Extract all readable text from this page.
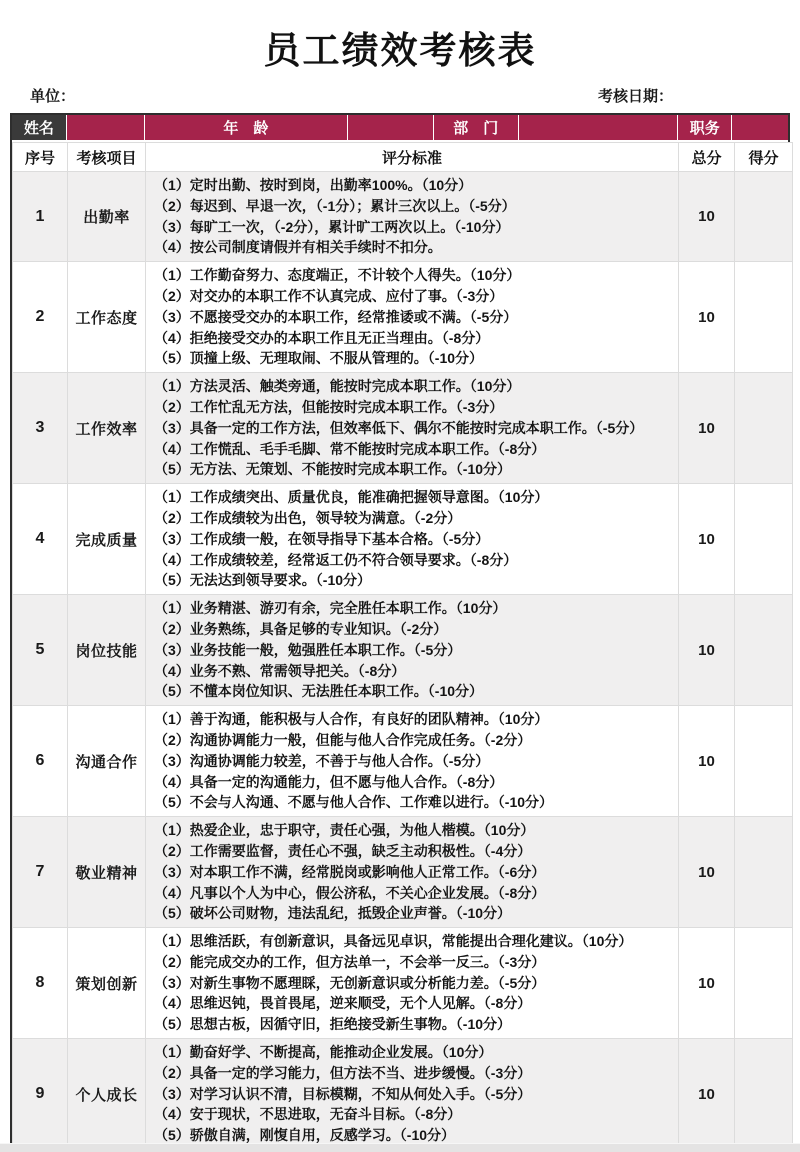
员工绩效考核表
单位：	考核日期：
姓名	年　龄	部　门	职务
序号	考核项目	评分标准	总分	得分
1	出勤率	（1）定时出勤、按时到岗，出勤率100%。（10分）
（2）每迟到、早退一次，（-1分）；累计三次以上。（-5分）
（3）每旷工一次，（-2分），累计旷工两次以上。（-10分）
（4）按公司制度请假并有相关手续时不扣分。	10	
2	工作态度	（1）工作勤奋努力、态度端正，不计较个人得失。（10分）
（2）对交办的本职工作不认真完成、应付了事。（-3分）
（3）不愿接受交办的本职工作，经常推诿或不满。（-5分）
（4）拒绝接受交办的本职工作且无正当理由。（-8分）
（5）顶撞上级、无理取闹、不服从管理的。（-10分）	10	
3	工作效率	（1）方法灵活、触类旁通，能按时完成本职工作。（10分）
（2）工作忙乱无方法，但能按时完成本职工作。（-3分）
（3）具备一定的工作方法，但效率低下、偶尔不能按时完成本职工作。（-5分）
（4）工作慌乱、毛手毛脚、常不能按时完成本职工作。（-8分）
（5）无方法、无策划、不能按时完成本职工作。（-10分）	10	
4	完成质量	（1）工作成绩突出、质量优良，能准确把握领导意图。（10分）
（2）工作成绩较为出色，领导较为满意。（-2分）
（3）工作成绩一般，在领导指导下基本合格。（-5分）
（4）工作成绩较差，经常返工仍不符合领导要求。（-8分）
（5）无法达到领导要求。（-10分）	10	
5	岗位技能	（1）业务精湛、游刃有余，完全胜任本职工作。（10分）
（2）业务熟练，具备足够的专业知识。（-2分）
（3）业务技能一般，勉强胜任本职工作。（-5分）
（4）业务不熟、常需领导把关。（-8分）
（5）不懂本岗位知识、无法胜任本职工作。（-10分）	10	
6	沟通合作	（1）善于沟通，能积极与人合作，有良好的团队精神。（10分）
（2）沟通协调能力一般，但能与他人合作完成任务。（-2分）
（3）沟通协调能力较差，不善于与他人合作。（-5分）
（4）具备一定的沟通能力，但不愿与他人合作。（-8分）
（5）不会与人沟通、不愿与他人合作、工作难以进行。（-10分）	10	
7	敬业精神	（1）热爱企业，忠于职守，责任心强，为他人楷模。（10分）
（2）工作需要监督，责任心不强，缺乏主动积极性。（-4分）
（3）对本职工作不满，经常脱岗或影响他人正常工作。（-6分）
（4）凡事以个人为中心，假公济私，不关心企业发展。（-8分）
（5）破坏公司财物，违法乱纪，抵毁企业声誉。（-10分）	10	
8	策划创新	（1）思维活跃，有创新意识，具备远见卓识，常能提出合理化建议。（10分）
（2）能完成交办的工作，但方法单一，不会举一反三。（-3分）
（3）对新生事物不愿理睬，无创新意识或分析能力差。（-5分）
（4）思维迟钝，畏首畏尾，逆来顺受，无个人见解。（-8分）
（5）思想古板，因循守旧，拒绝接受新生事物。（-10分）	10	
9	个人成长	（1）勤奋好学、不断提高，能推动企业发展。（10分）
（2）具备一定的学习能力，但方法不当、进步缓慢。（-3分）
（3）对学习认识不清，目标模糊，不知从何处入手。（-5分）
（4）安于现状，不思进取，无奋斗目标。（-8分）
（5）骄傲自满，刚愎自用，反感学习。（-10分）	10	
